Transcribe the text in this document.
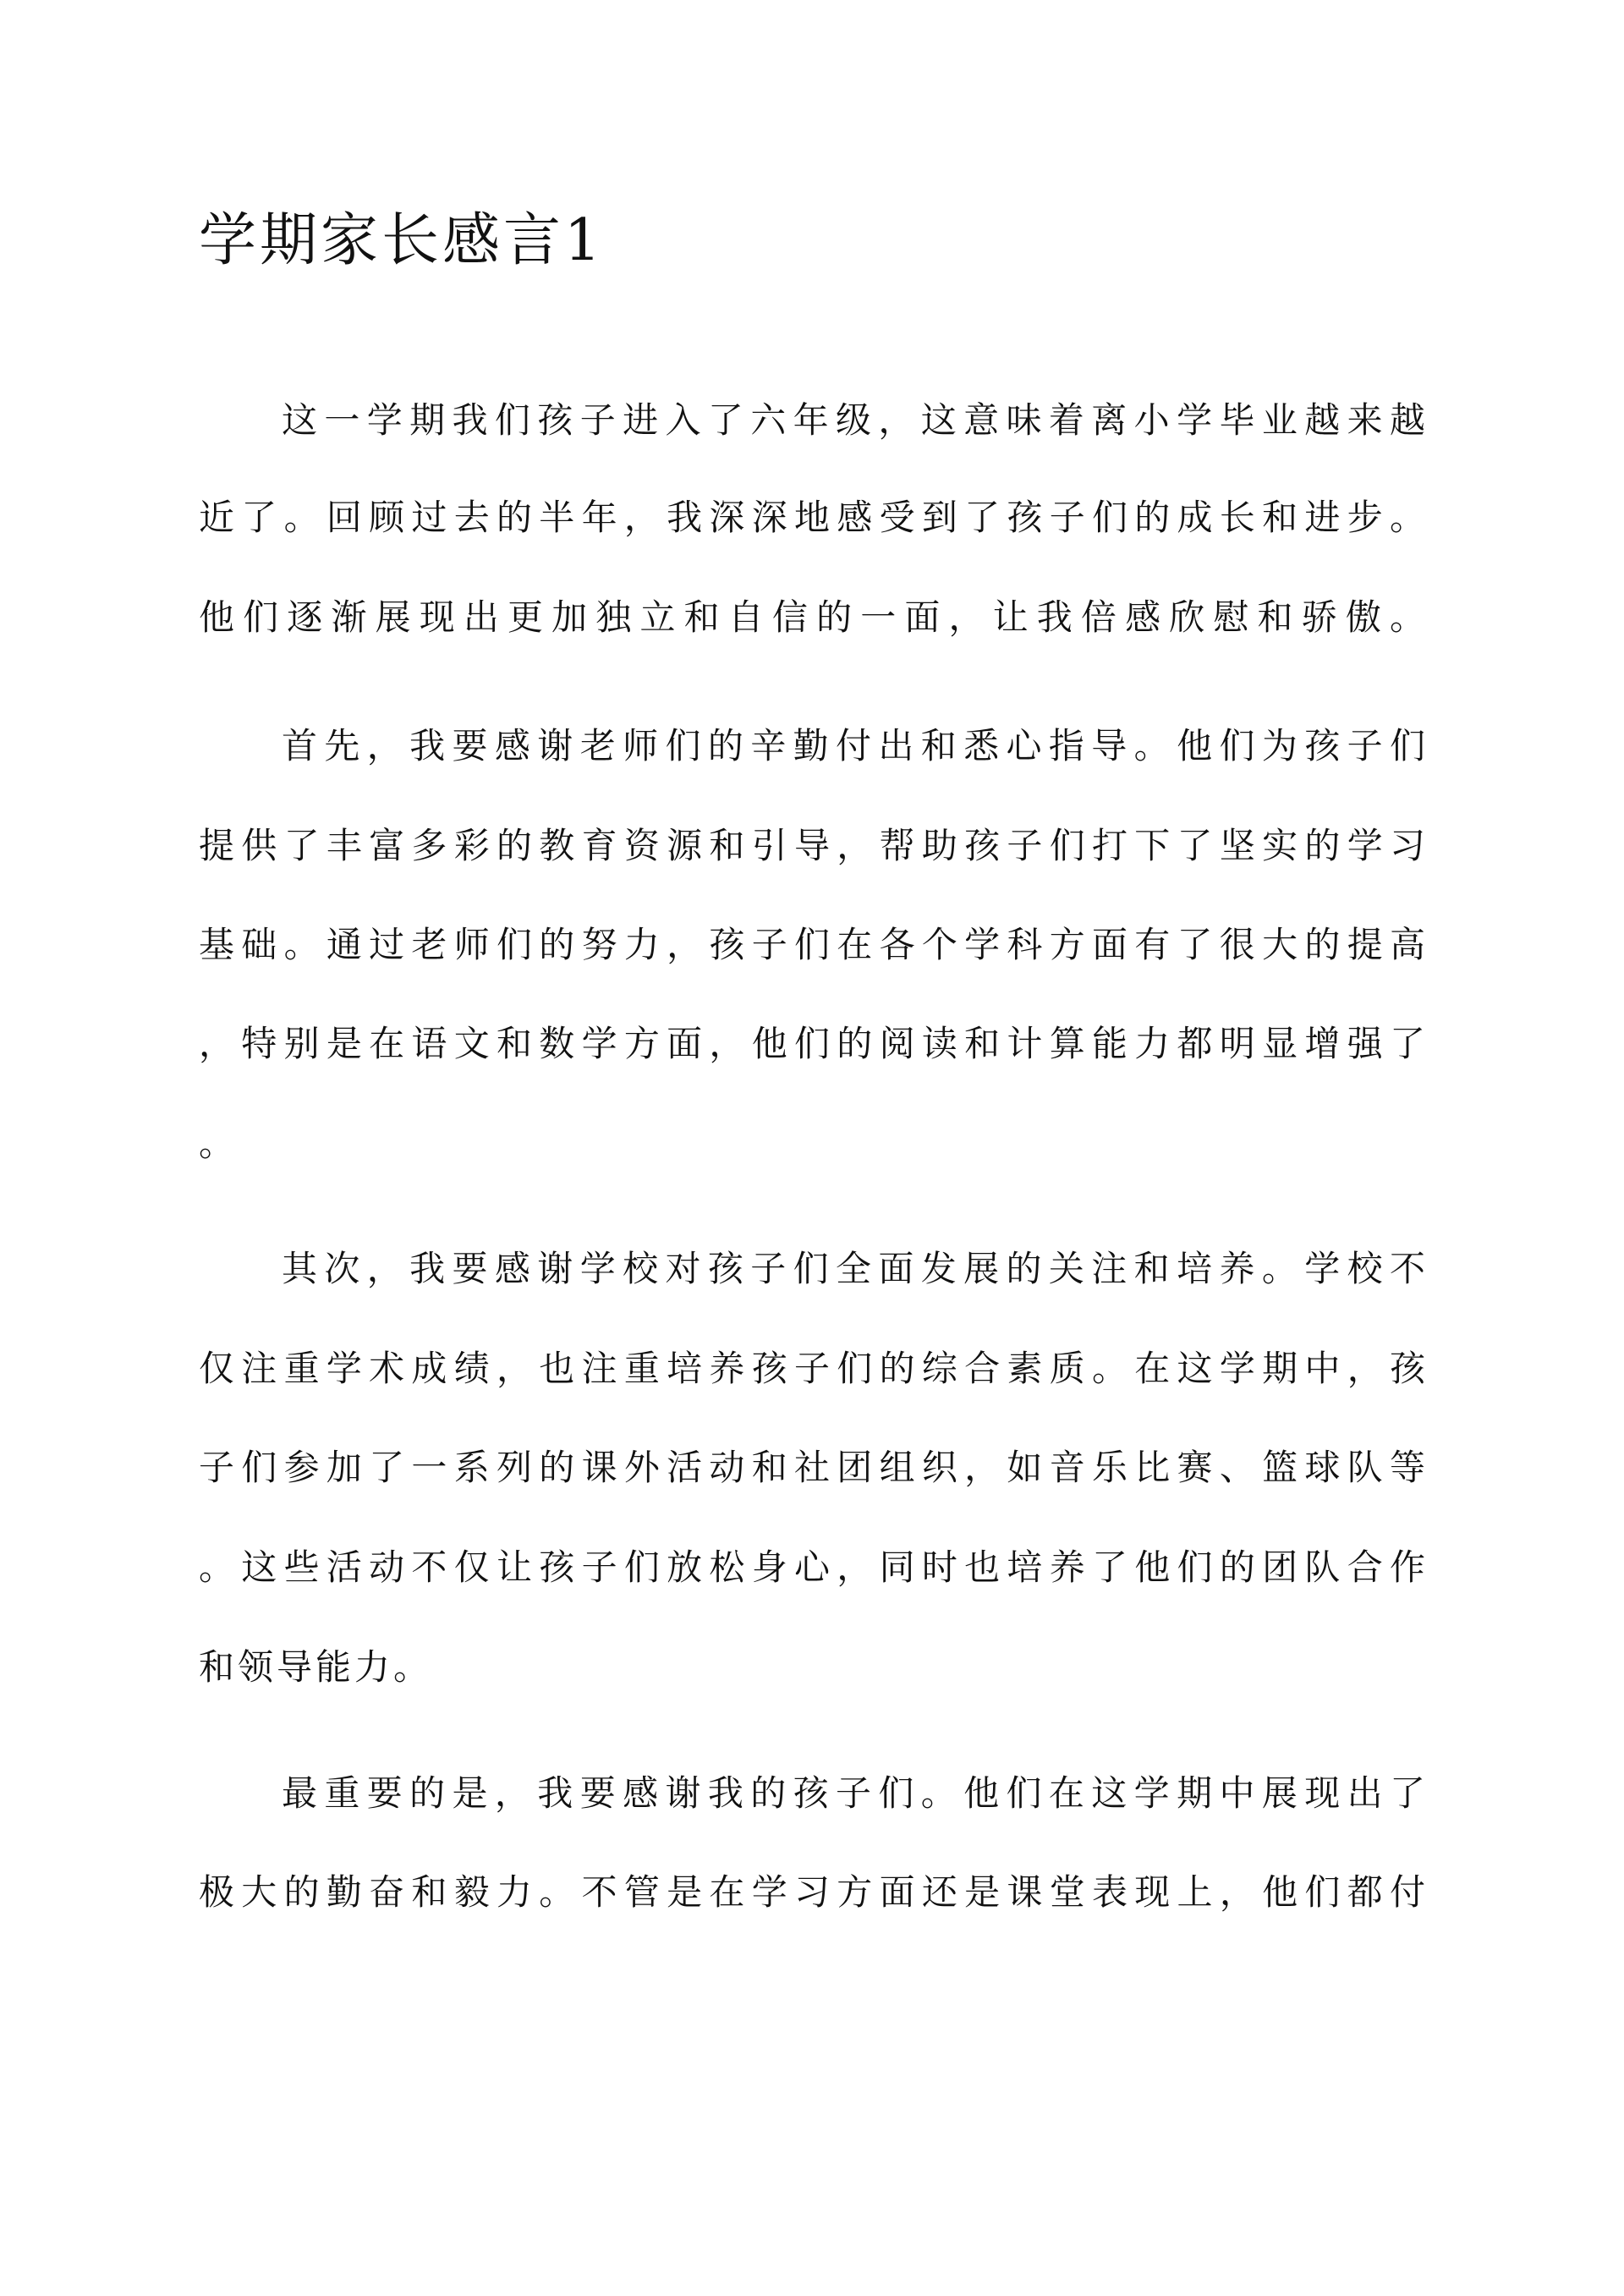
学期家长感言1

这一学期我们孩子进入了六年级，这意味着离小学毕业越来越

近了。回顾过去的半年，我深深地感受到了孩子们的成长和进步。

他们逐渐展现出更加独立和自信的一面，让我倍感欣慰和骄傲。

首先，我要感谢老师们的辛勤付出和悉心指导。他们为孩子们

提供了丰富多彩的教育资源和引导，帮助孩子们打下了坚实的学习

基础。通过老师们的努力，孩子们在各个学科方面有了很大的提高

，特别是在语文和数学方面，他们的阅读和计算能力都明显增强了

。

其次，我要感谢学校对孩子们全面发展的关注和培养。学校不

仅注重学术成绩，也注重培养孩子们的综合素质。在这学期中，孩

子们参加了一系列的课外活动和社团组织，如音乐比赛、篮球队等

。这些活动不仅让孩子们放松身心，同时也培养了他们的团队合作

和领导能力。

最重要的是，我要感谢我的孩子们。他们在这学期中展现出了

极大的勤奋和毅力。不管是在学习方面还是课堂表现上，他们都付
